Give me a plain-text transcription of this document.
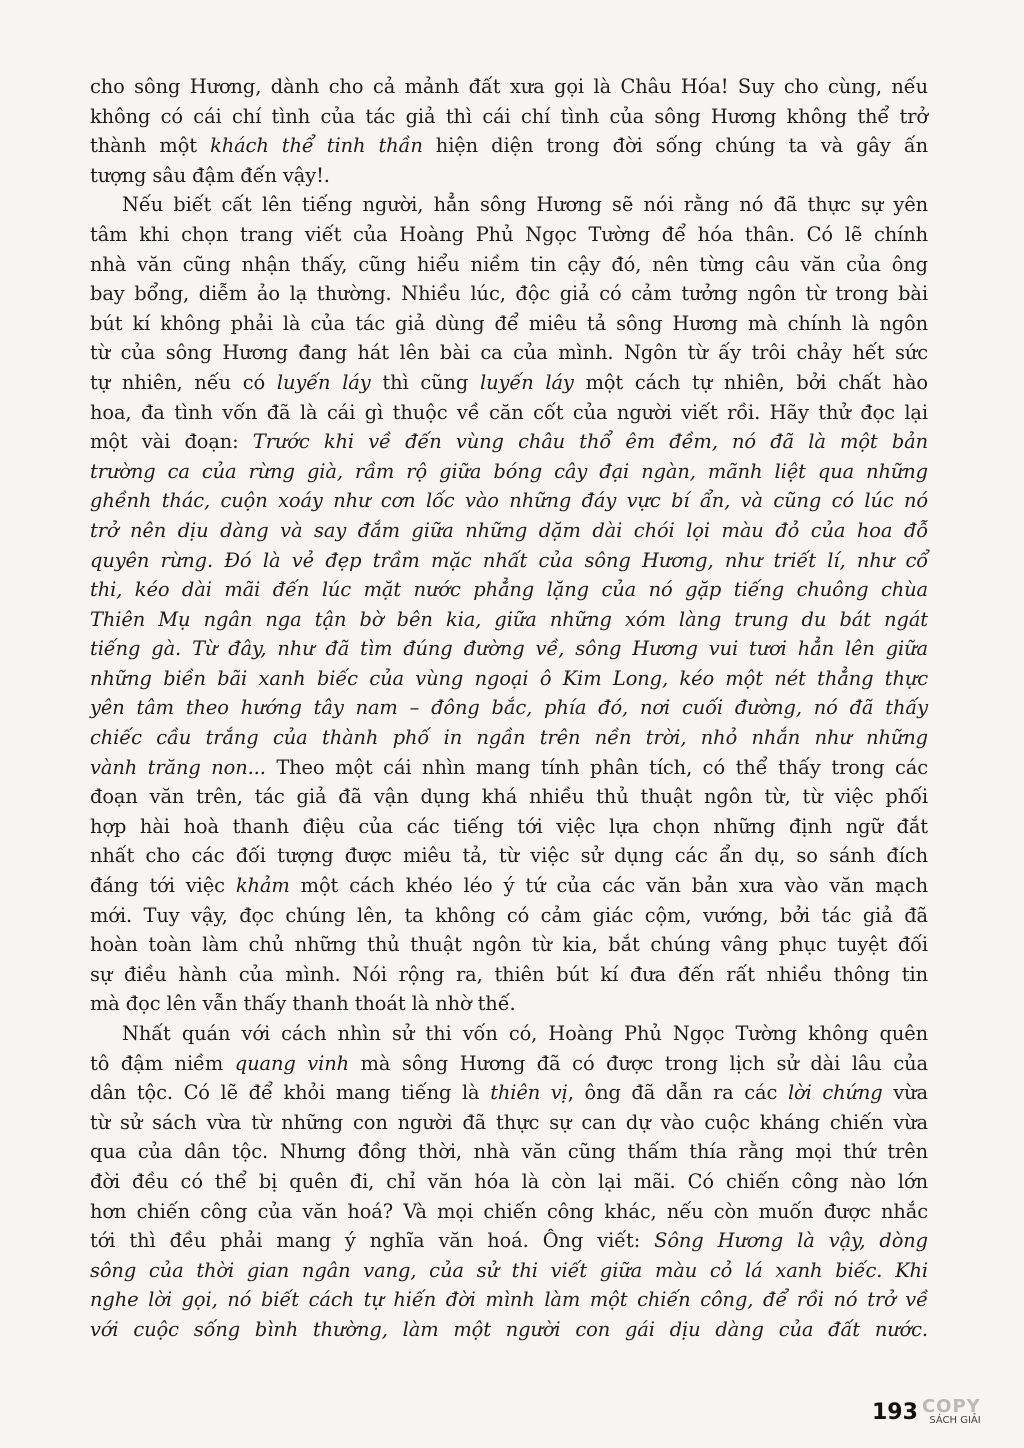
cho sông Hương, dành cho cả mảnh đất xưa gọi là Châu Hóa! Suy cho cùng, nếu
không có cái chí tình của tác giả thì cái chí tình của sông Hương không thể trở
thành một khách thể tinh thần hiện diện trong đời sống chúng ta và gây ấn
tượng sâu đậm đến vậy!.
Nếu biết cất lên tiếng người, hẳn sông Hương sẽ nói rằng nó đã thực sự yên
tâm khi chọn trang viết của Hoàng Phủ Ngọc Tường để hóa thân. Có lẽ chính
nhà văn cũng nhận thấy, cũng hiểu niềm tin cậy đó, nên từng câu văn của ông
bay bổng, diễm ảo lạ thường. Nhiều lúc, độc giả có cảm tưởng ngôn từ trong bài
bút kí không phải là của tác giả dùng để miêu tả sông Hương mà chính là ngôn
từ của sông Hương đang hát lên bài ca của mình. Ngôn từ ấy trôi chảy hết sức
tự nhiên, nếu có luyến láy thì cũng luyến láy một cách tự nhiên, bởi chất hào
hoa, đa tình vốn đã là cái gì thuộc về căn cốt của người viết rồi. Hãy thử đọc lại
một vài đoạn: Trước khi về đến vùng châu thổ êm đềm, nó đã là một bản
trường ca của rừng già, rầm rộ giữa bóng cây đại ngàn, mãnh liệt qua những
ghềnh thác, cuộn xoáy như cơn lốc vào những đáy vực bí ẩn, và cũng có lúc nó
trở nên dịu dàng và say đắm giữa những dặm dài chói lọi màu đỏ của hoa đỗ
quyên rừng. Đó là vẻ đẹp trầm mặc nhất của sông Hương, như triết lí, như cổ
thi, kéo dài mãi đến lúc mặt nước phẳng lặng của nó gặp tiếng chuông chùa
Thiên Mụ ngân nga tận bờ bên kia, giữa những xóm làng trung du bát ngát
tiếng gà. Từ đây, như đã tìm đúng đường về, sông Hương vui tươi hẳn lên giữa
những biền bãi xanh biếc của vùng ngoại ô Kim Long, kéo một nét thẳng thực
yên tâm theo hướng tây nam – đông bắc, phía đó, nơi cuối đường, nó đã thấy
chiếc cầu trắng của thành phố in ngần trên nền trời, nhỏ nhắn như những
vành trăng non... Theo một cái nhìn mang tính phân tích, có thể thấy trong các
đoạn văn trên, tác giả đã vận dụng khá nhiều thủ thuật ngôn từ, từ việc phối
hợp hài hoà thanh điệu của các tiếng tới việc lựa chọn những định ngữ đắt
nhất cho các đối tượng được miêu tả, từ việc sử dụng các ẩn dụ, so sánh đích
đáng tới việc khảm một cách khéo léo ý tứ của các văn bản xưa vào văn mạch
mới. Tuy vậy, đọc chúng lên, ta không có cảm giác cộm, vướng, bởi tác giả đã
hoàn toàn làm chủ những thủ thuật ngôn từ kia, bắt chúng vâng phục tuyệt đối
sự điều hành của mình. Nói rộng ra, thiên bút kí đưa đến rất nhiều thông tin
mà đọc lên vẫn thấy thanh thoát là nhờ thế.
Nhất quán với cách nhìn sử thi vốn có, Hoàng Phủ Ngọc Tường không quên
tô đậm niềm quang vinh mà sông Hương đã có được trong lịch sử dài lâu của
dân tộc. Có lẽ để khỏi mang tiếng là thiên vị, ông đã dẫn ra các lời chứng vừa
từ sử sách vừa từ những con người đã thực sự can dự vào cuộc kháng chiến vừa
qua của dân tộc. Nhưng đồng thời, nhà văn cũng thấm thía rằng mọi thứ trên
đời đều có thể bị quên đi, chỉ văn hóa là còn lại mãi. Có chiến công nào lớn
hơn chiến công của văn hoá? Và mọi chiến công khác, nếu còn muốn được nhắc
tới thì đều phải mang ý nghĩa văn hoá. Ông viết: Sông Hương là vậy, dòng
sông của thời gian ngân vang, của sử thi viết giữa màu cỏ lá xanh biếc. Khi
nghe lời gọi, nó biết cách tự hiến đời mình làm một chiến công, để rồi nó trở về
với cuộc sống bình thường, làm một người con gái dịu dàng của đất nước.
193 COPY
SÁCH GIẢI
